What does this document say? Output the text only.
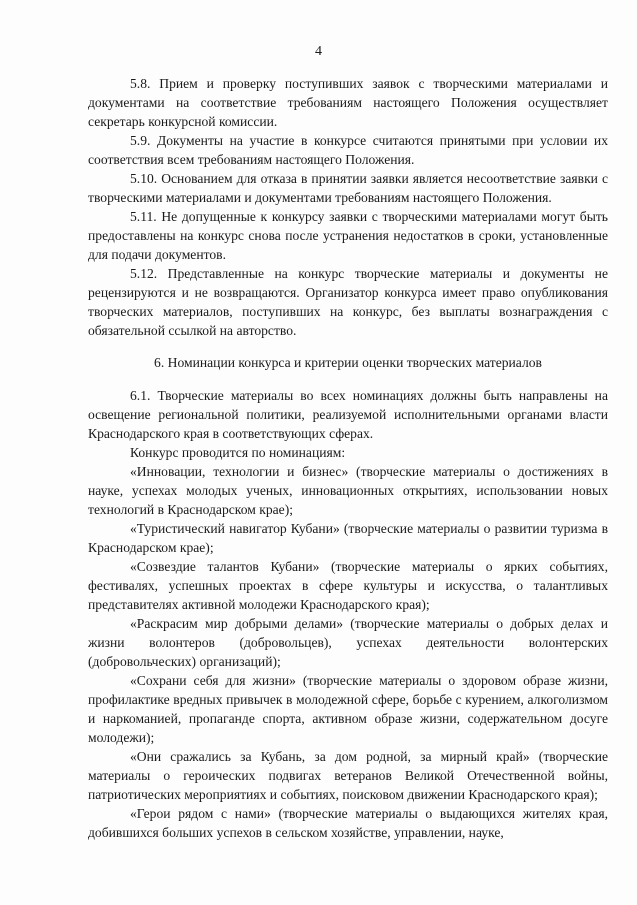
4

5.8. Прием и проверку поступивших заявок с творческими материалами и документами на соответствие требованиям настоящего Положения осуществляет секретарь конкурсной комиссии.

5.9. Документы на участие в конкурсе считаются принятыми при условии их соответствия всем требованиям настоящего Положения.

5.10. Основанием для отказа в принятии заявки является несоответствие заявки с творческими материалами и документами требованиям настоящего Положения.

5.11. Не допущенные к конкурсу заявки с творческими материалами могут быть предоставлены на конкурс снова после устранения недостатков в сроки, установленные для подачи документов.

5.12. Представленные на конкурс творческие материалы и документы не рецензируются и не возвращаются. Организатор конкурса имеет право опубликования творческих материалов, поступивших на конкурс, без выплаты вознаграждения с обязательной ссылкой на авторство.

6. Номинации конкурса и критерии оценки творческих материалов

6.1. Творческие материалы во всех номинациях должны быть направлены на освещение региональной политики, реализуемой исполнительными органами власти Краснодарского края в соответствующих сферах.

Конкурс проводится по номинациям:

«Инновации, технологии и бизнес» (творческие материалы о достижениях в науке, успехах молодых ученых, инновационных открытиях, использовании новых технологий в Краснодарском крае);

«Туристический навигатор Кубани» (творческие материалы о развитии туризма в Краснодарском крае);

«Созвездие талантов Кубани» (творческие материалы о ярких событиях, фестивалях, успешных проектах в сфере культуры и искусства, о талантливых представителях активной молодежи Краснодарского края);

«Раскрасим мир добрыми делами» (творческие материалы о добрых делах и жизни волонтеров (добровольцев), успехах деятельности волонтерских (добровольческих) организаций);

«Сохрани себя для жизни» (творческие материалы о здоровом образе жизни, профилактике вредных привычек в молодежной сфере, борьбе с курением, алкоголизмом и наркоманией, пропаганде спорта, активном образе жизни, содержательном досуге молодежи);

«Они сражались за Кубань, за дом родной, за мирный край» (творческие материалы о героических подвигах ветеранов Великой Отечественной войны, патриотических мероприятиях и событиях, поисковом движении Краснодарского края);

«Герои рядом с нами» (творческие материалы о выдающихся жителях края, добившихся больших успехов в сельском хозяйстве, управлении, науке,
